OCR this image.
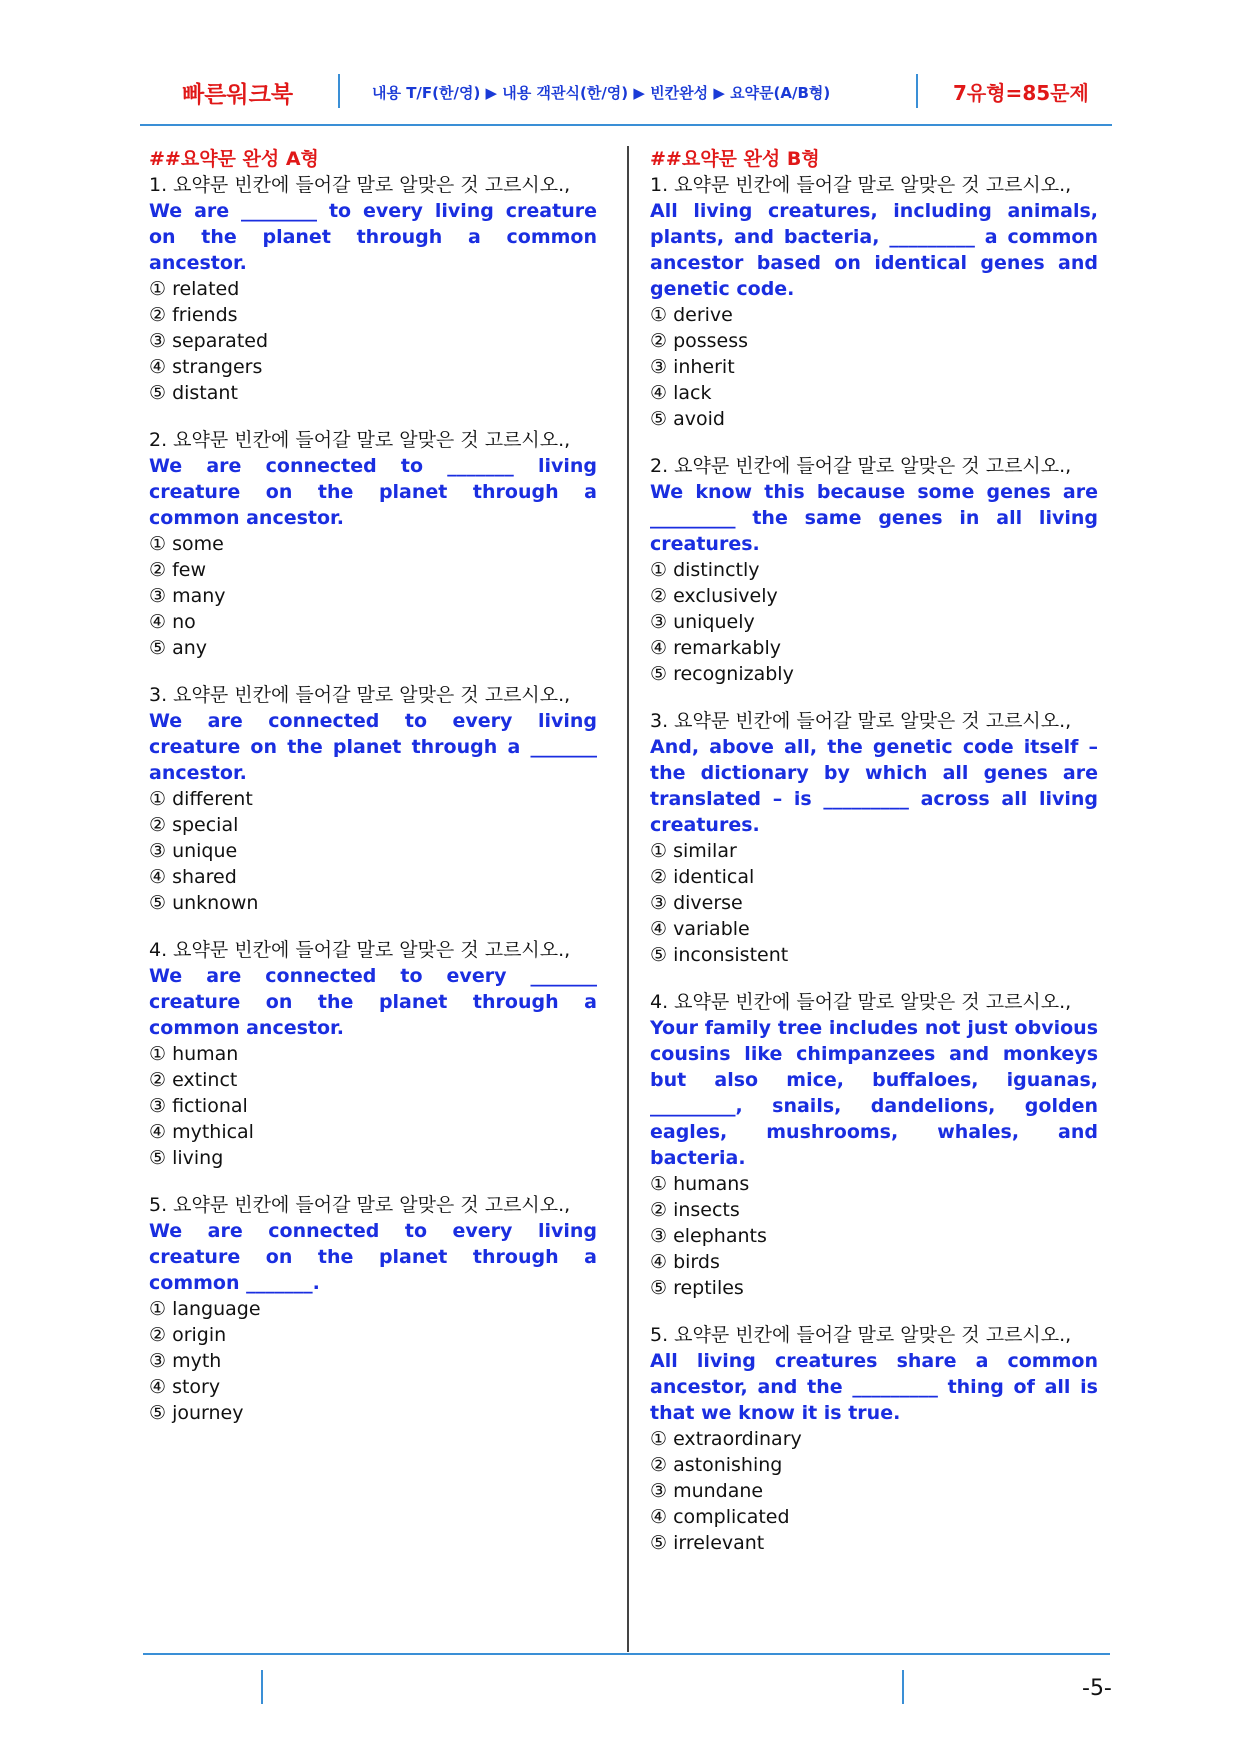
빠른워크북	내용 T/F(한/영) ▶ 내용 객관식(한/영) ▶ 빈칸완성 ▶ 요약문(A/B형)	7유형=85문제
##요약문 완성 A형
1. 요약문 빈칸에 들어갈 말로 알맞은 것 고르시오.,
We are ________ to every living creature on the planet through a common ancestor.
① related
② friends
③ separated
④ strangers
⑤ distant
2. 요약문 빈칸에 들어갈 말로 알맞은 것 고르시오.,
We are connected to _______ living creature on the planet through a common ancestor.
① some
② few
③ many
④ no
⑤ any
3. 요약문 빈칸에 들어갈 말로 알맞은 것 고르시오.,
We are connected to every living creature on the planet through a _______ ancestor.
① different
② special
③ unique
④ shared
⑤ unknown
4. 요약문 빈칸에 들어갈 말로 알맞은 것 고르시오.,
We are connected to every _______ creature on the planet through a common ancestor.
① human
② extinct
③ fictional
④ mythical
⑤ living
5. 요약문 빈칸에 들어갈 말로 알맞은 것 고르시오.,
We are connected to every living creature on the planet through a common _______.
① language
② origin
③ myth
④ story
⑤ journey
##요약문 완성 B형
1. 요약문 빈칸에 들어갈 말로 알맞은 것 고르시오.,
All living creatures, including animals, plants, and bacteria, _________ a common ancestor based on identical genes and genetic code.
① derive
② possess
③ inherit
④ lack
⑤ avoid
2. 요약문 빈칸에 들어갈 말로 알맞은 것 고르시오.,
We know this because some genes are _________ the same genes in all living creatures.
① distinctly
② exclusively
③ uniquely
④ remarkably
⑤ recognizably
3. 요약문 빈칸에 들어갈 말로 알맞은 것 고르시오.,
And, above all, the genetic code itself – the dictionary by which all genes are translated – is _________ across all living creatures.
① similar
② identical
③ diverse
④ variable
⑤ inconsistent
4. 요약문 빈칸에 들어갈 말로 알맞은 것 고르시오.,
Your family tree includes not just obvious cousins like chimpanzees and monkeys but also mice, buffaloes, iguanas, _________, snails, dandelions, golden eagles, mushrooms, whales, and bacteria.
① humans
② insects
③ elephants
④ birds
⑤ reptiles
5. 요약문 빈칸에 들어갈 말로 알맞은 것 고르시오.,
All living creatures share a common ancestor, and the _________ thing of all is that we know it is true.
① extraordinary
② astonishing
③ mundane
④ complicated
⑤ irrelevant
-5-
